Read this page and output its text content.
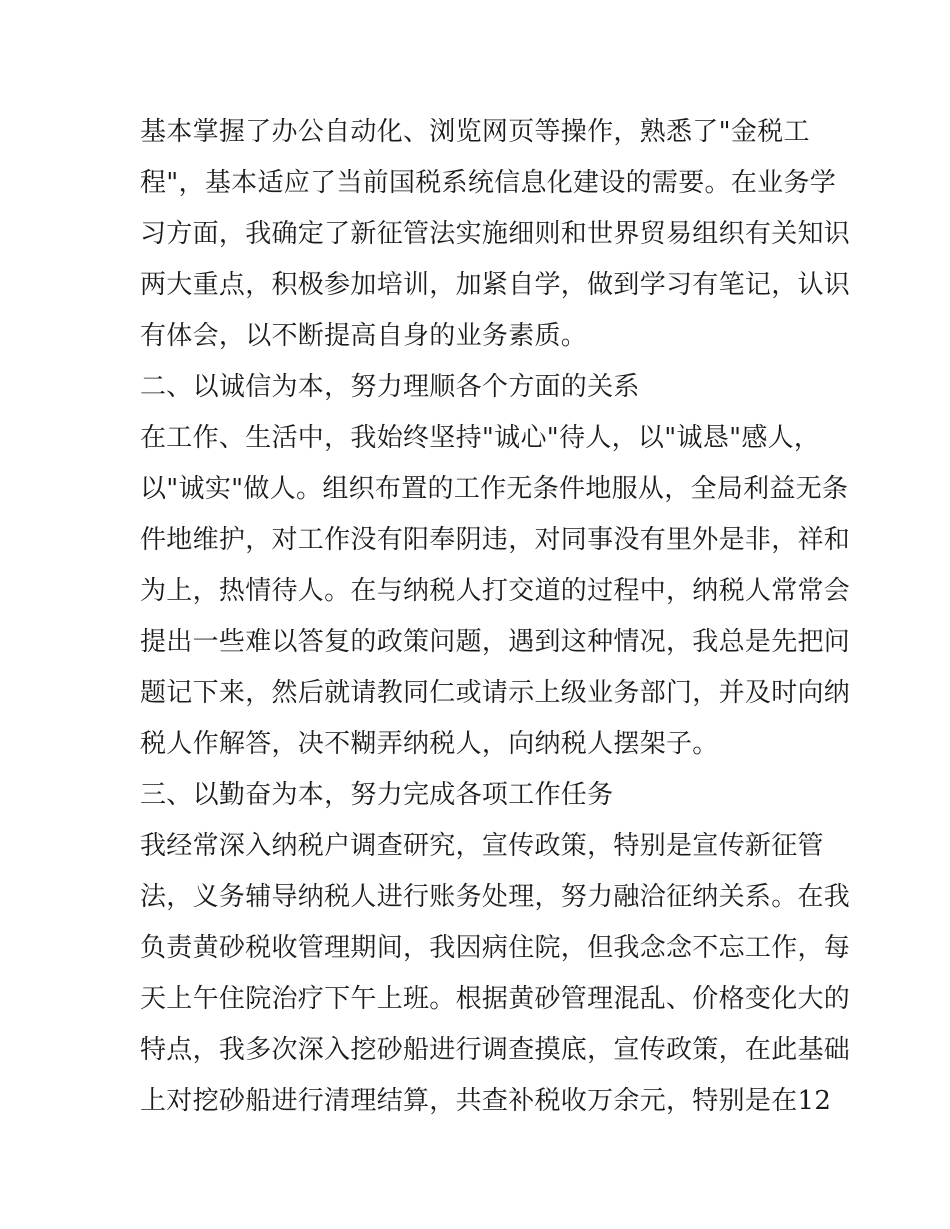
基本掌握了办公自动化、浏览网页等操作，熟悉了"金税工
程"，基本适应了当前国税系统信息化建设的需要。在业务学
习方面，我确定了新征管法实施细则和世界贸易组织有关知识
两大重点，积极参加培训，加紧自学，做到学习有笔记，认识
有体会，以不断提高自身的业务素质。
二、以诚信为本，努力理顺各个方面的关系
在工作、生活中，我始终坚持"诚心"待人，以"诚恳"感人，
以"诚实"做人。组织布置的工作无条件地服从，全局利益无条
件地维护，对工作没有阳奉阴违，对同事没有里外是非，祥和
为上，热情待人。在与纳税人打交道的过程中，纳税人常常会
提出一些难以答复的政策问题，遇到这种情况，我总是先把问
题记下来，然后就请教同仁或请示上级业务部门，并及时向纳
税人作解答，决不糊弄纳税人，向纳税人摆架子。
三、以勤奋为本，努力完成各项工作任务
我经常深入纳税户调查研究，宣传政策，特别是宣传新征管
法，义务辅导纳税人进行账务处理，努力融洽征纳关系。在我
负责黄砂税收管理期间，我因病住院，但我念念不忘工作，每
天上午住院治疗下午上班。根据黄砂管理混乱、价格变化大的
特点，我多次深入挖砂船进行调查摸底，宣传政策，在此基础
上对挖砂船进行清理结算，共查补税收万余元，特别是在12
